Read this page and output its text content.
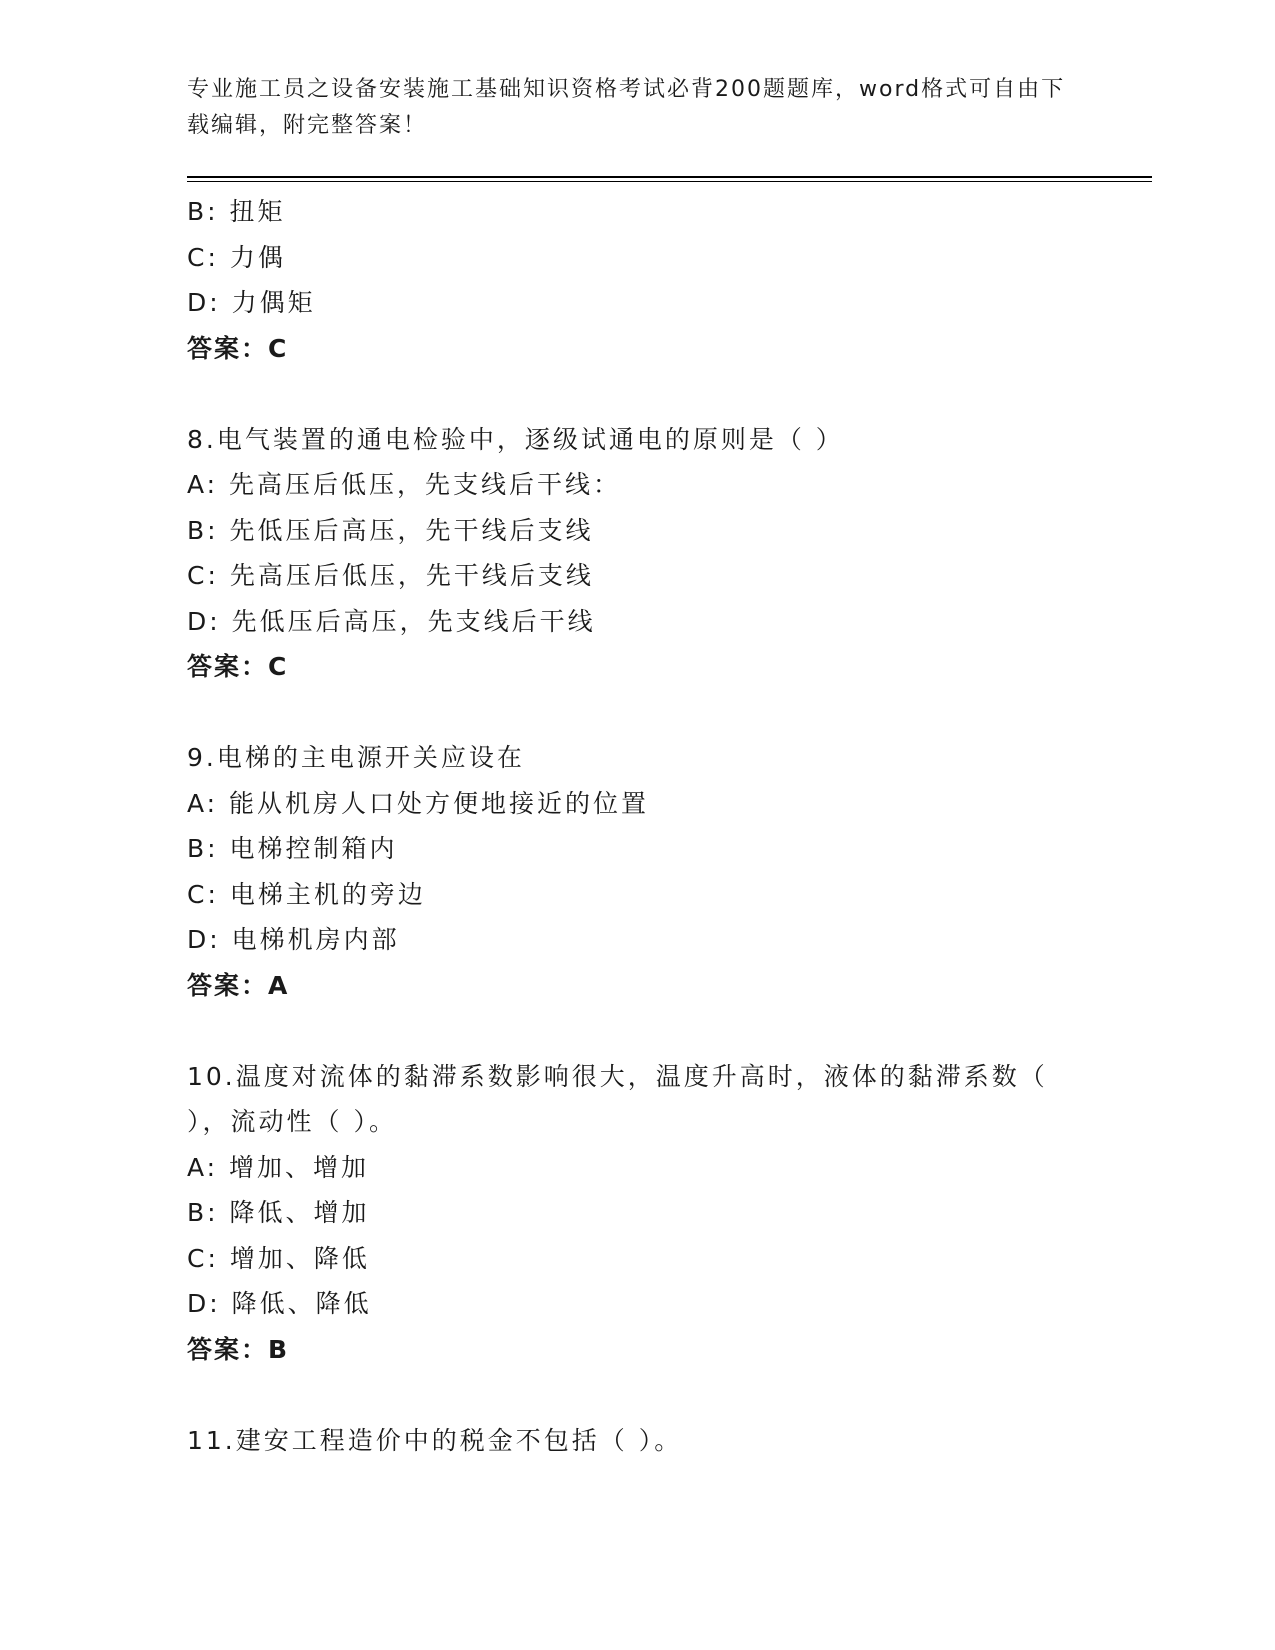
专业施工员之设备安装施工基础知识资格考试必背200题题库，word格式可自由下载编辑，附完整答案！
B: 扭矩
C: 力偶
D: 力偶矩
答案：C
8.电气装置的通电检验中，逐级试通电的原则是（ ）
A: 先高压后低压，先支线后干线：
B: 先低压后高压，先干线后支线
C: 先高压后低压，先干线后支线
D: 先低压后高压，先支线后干线
答案：C
9.电梯的主电源开关应设在
A: 能从机房人口处方便地接近的位置
B: 电梯控制箱内
C: 电梯主机的旁边
D: 电梯机房内部
答案：A
10.温度对流体的黏滞系数影响很大，温度升高时，液体的黏滞系数（
），流动性（ ）。
A: 增加、增加
B: 降低、增加
C: 增加、降低
D: 降低、降低
答案：B
11.建安工程造价中的税金不包括（ ）。
